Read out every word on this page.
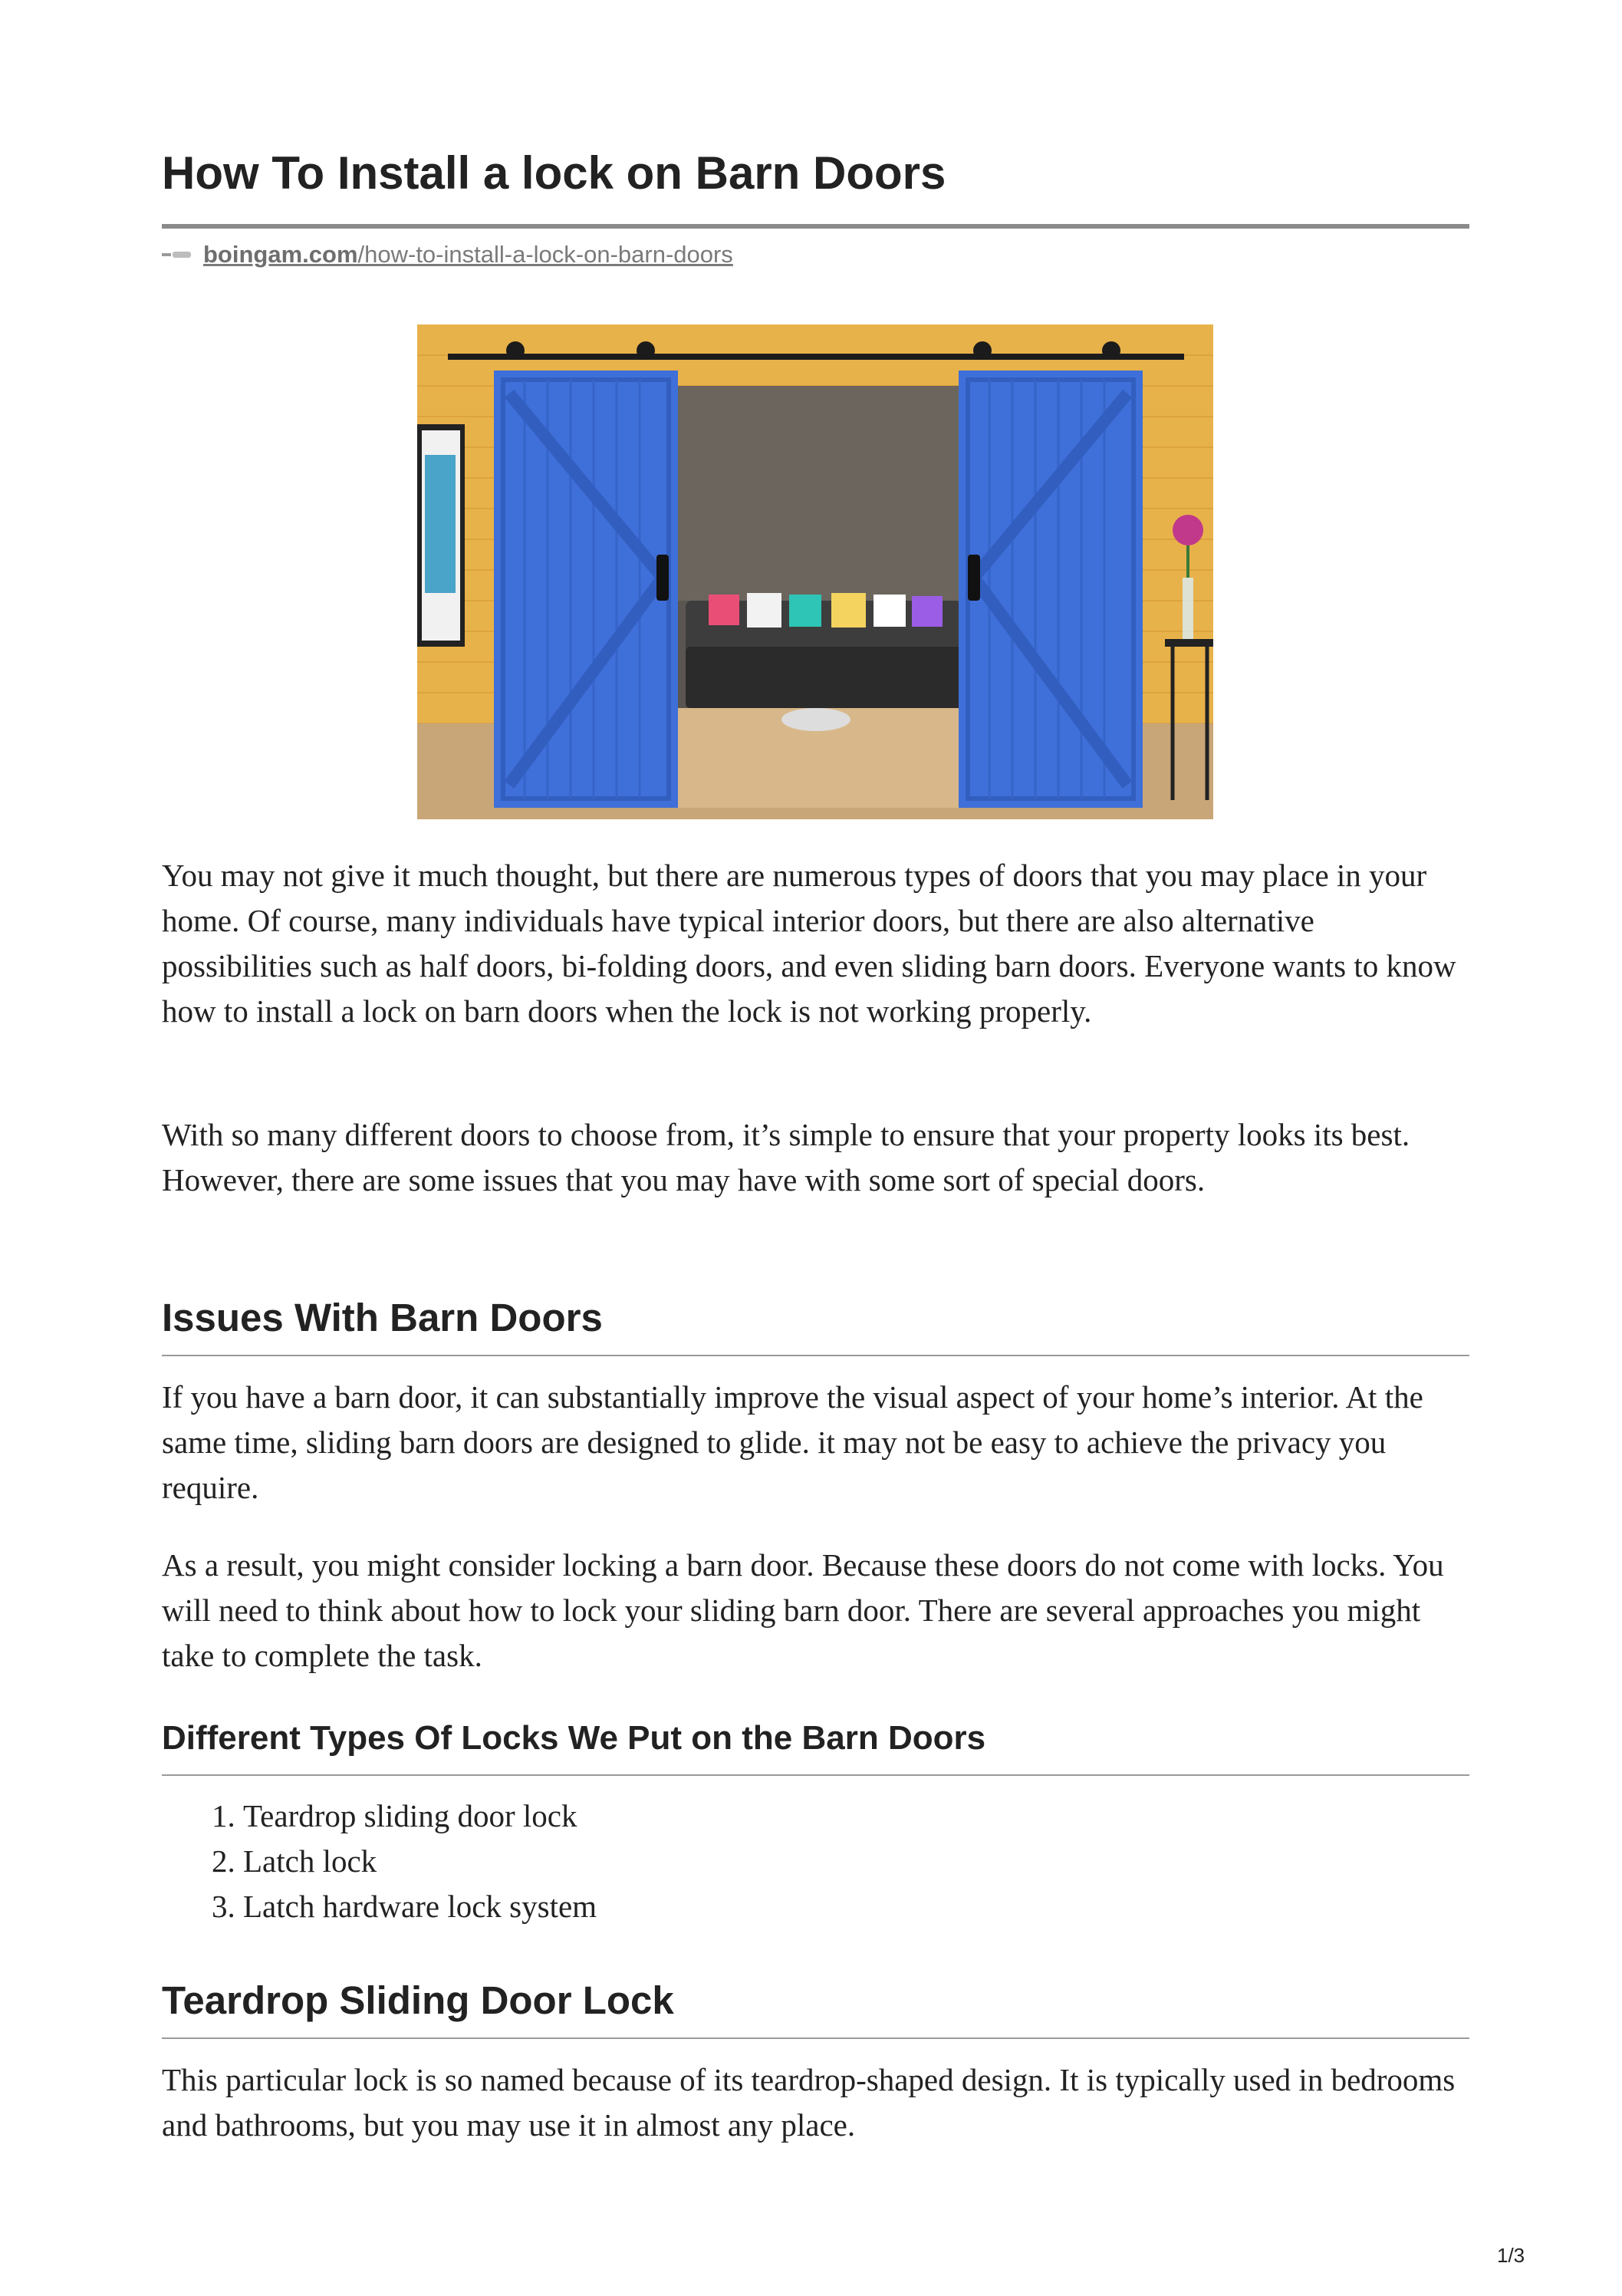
How To Install a lock on Barn Doors
boingam.com/how-to-install-a-lock-on-barn-doors

You may not give it much thought, but there are numerous types of doors that you may place in your home. Of course, many individuals have typical interior doors, but there are also alternative possibilities such as half doors, bi-folding doors, and even sliding barn doors. Everyone wants to know how to install a lock on barn doors when the lock is not working properly.

With so many different doors to choose from, it’s simple to ensure that your property looks its best. However, there are some issues that you may have with some sort of special doors.

Issues With Barn Doors

If you have a barn door, it can substantially improve the visual aspect of your home’s interior. At the same time, sliding barn doors are designed to glide. it may not be easy to achieve the privacy you require.

As a result, you might consider locking a barn door. Because these doors do not come with locks. You will need to think about how to lock your sliding barn door. There are several approaches you might take to complete the task.

Different Types Of Locks We Put on the Barn Doors
1. Teardrop sliding door lock
2. Latch lock
3. Latch hardware lock system
Teardrop Sliding Door Lock

This particular lock is so named because of its teardrop-shaped design. It is typically used in bedrooms and bathrooms, but you may use it in almost any place.

1/3
